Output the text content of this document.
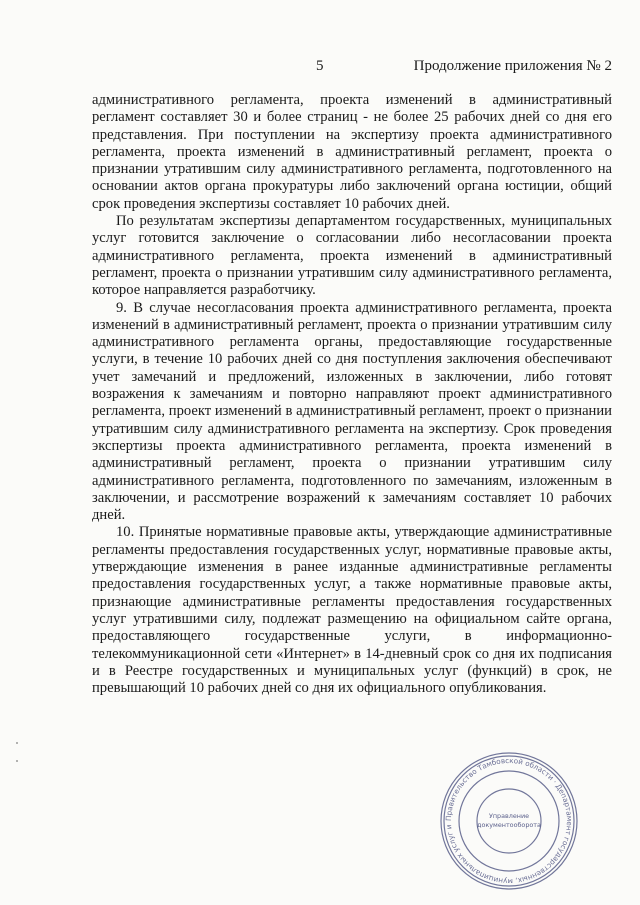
5	Продолжение приложения № 2

административного регламента, проекта изменений в административный регламент составляет 30 и более страниц - не более 25 рабочих дней со дня его представления. При поступлении на экспертизу проекта административного регламента, проекта изменений в административный регламент, проекта о признании утратившим силу административного регламента, подготовленного на основании актов органа прокуратуры либо заключений органа юстиции, общий срок проведения экспертизы составляет 10 рабочих дней.

По результатам экспертизы департаментом государственных, муниципальных услуг готовится заключение о согласовании либо несогласовании проекта административного регламента, проекта изменений в административный регламент, проекта о признании утратившим силу административного регламента, которое направляется разработчику.

9. В случае несогласования проекта административного регламента, проекта изменений в административный регламент, проекта о признании утратившим силу административного регламента органы, предоставляющие государственные услуги, в течение 10 рабочих дней со дня поступления заключения обеспечивают учет замечаний и предложений, изложенных в заключении, либо готовят возражения к замечаниям и повторно направляют проект административного регламента, проект изменений в административный регламент, проект о признании утратившим силу административного регламента на экспертизу. Срок проведения экспертизы проекта административного регламента, проекта изменений в административный регламент, проекта о признании утратившим силу административного регламента, подготовленного по замечаниям, изложенным в заключении, и рассмотрение возражений к замечаниям составляет 10 рабочих дней.

10. Принятые нормативные правовые акты, утверждающие административные регламенты предоставления государственных услуг, нормативные правовые акты, утверждающие изменения в ранее изданные административные регламенты предоставления государственных услуг, а также нормативные правовые акты, признающие административные регламенты предоставления государственных услуг утратившими силу, подлежат размещению на официальном сайте органа, предоставляющего государственные услуги, в информационно-телекоммуникационной сети «Интернет» в 14-дневный срок со дня их подписания и в Реестре государственных и муниципальных услуг (функций) в срок, не превышающий 10 рабочих дней со дня их официального опубликования.

Правительство Тамбовской области · Департамент государственных, муниципальных услуг и
Управление
документооборота
